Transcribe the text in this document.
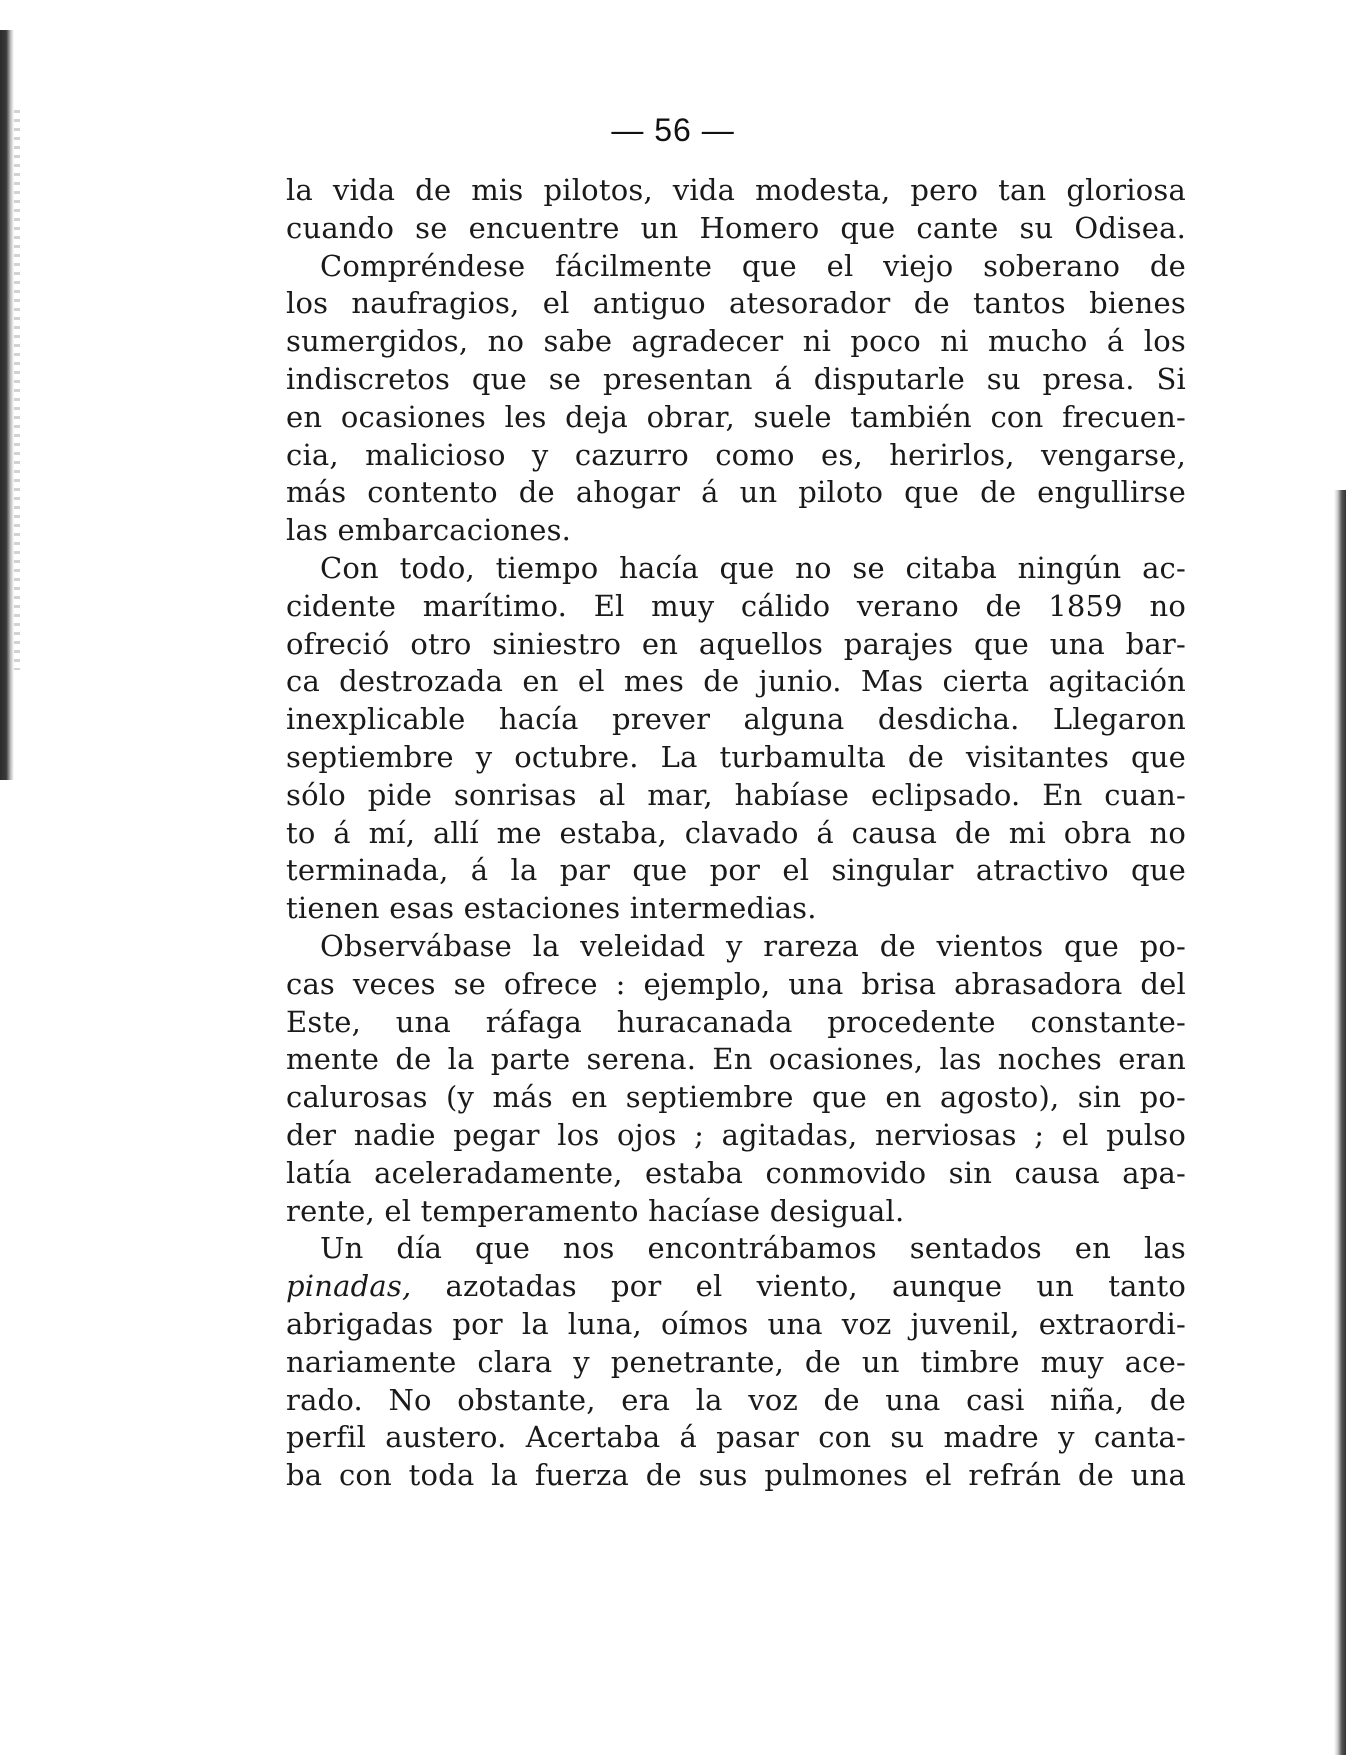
— 56 —
la vida de mis pilotos, vida modesta, pero tan gloriosa
cuando se encuentre un Homero que cante su Odisea.
Compréndese fácilmente que el viejo soberano de
los naufragios, el antiguo atesorador de tantos bienes
sumergidos, no sabe agradecer ni poco ni mucho á los
indiscretos que se presentan á disputarle su presa. Si
en ocasiones les deja obrar, suele también con frecuen-
cia, malicioso y cazurro como es, herirlos, vengarse,
más contento de ahogar á un piloto que de engullirse
las embarcaciones.
Con todo, tiempo hacía que no se citaba ningún ac-
cidente marítimo. El muy cálido verano de 1859 no
ofreció otro siniestro en aquellos parajes que una bar-
ca destrozada en el mes de junio. Mas cierta agitación
inexplicable hacía prever alguna desdicha. Llegaron
septiembre y octubre. La turbamulta de visitantes que
sólo pide sonrisas al mar, habíase eclipsado. En cuan-
to á mí, allí me estaba, clavado á causa de mi obra no
terminada, á la par que por el singular atractivo que
tienen esas estaciones intermedias.
Observábase la veleidad y rareza de vientos que po-
cas veces se ofrece : ejemplo, una brisa abrasadora del
Este, una ráfaga huracanada procedente constante-
mente de la parte serena. En ocasiones, las noches eran
calurosas (y más en septiembre que en agosto), sin po-
der nadie pegar los ojos ; agitadas, nerviosas ; el pulso
latía aceleradamente, estaba conmovido sin causa apa-
rente, el temperamento hacíase desigual.
Un día que nos encontrábamos sentados en las
pinadas, azotadas por el viento, aunque un tanto
abrigadas por la luna, oímos una voz juvenil, extraordi-
nariamente clara y penetrante, de un timbre muy ace-
rado. No obstante, era la voz de una casi niña, de
perfil austero. Acertaba á pasar con su madre y canta-
ba con toda la fuerza de sus pulmones el refrán de una
